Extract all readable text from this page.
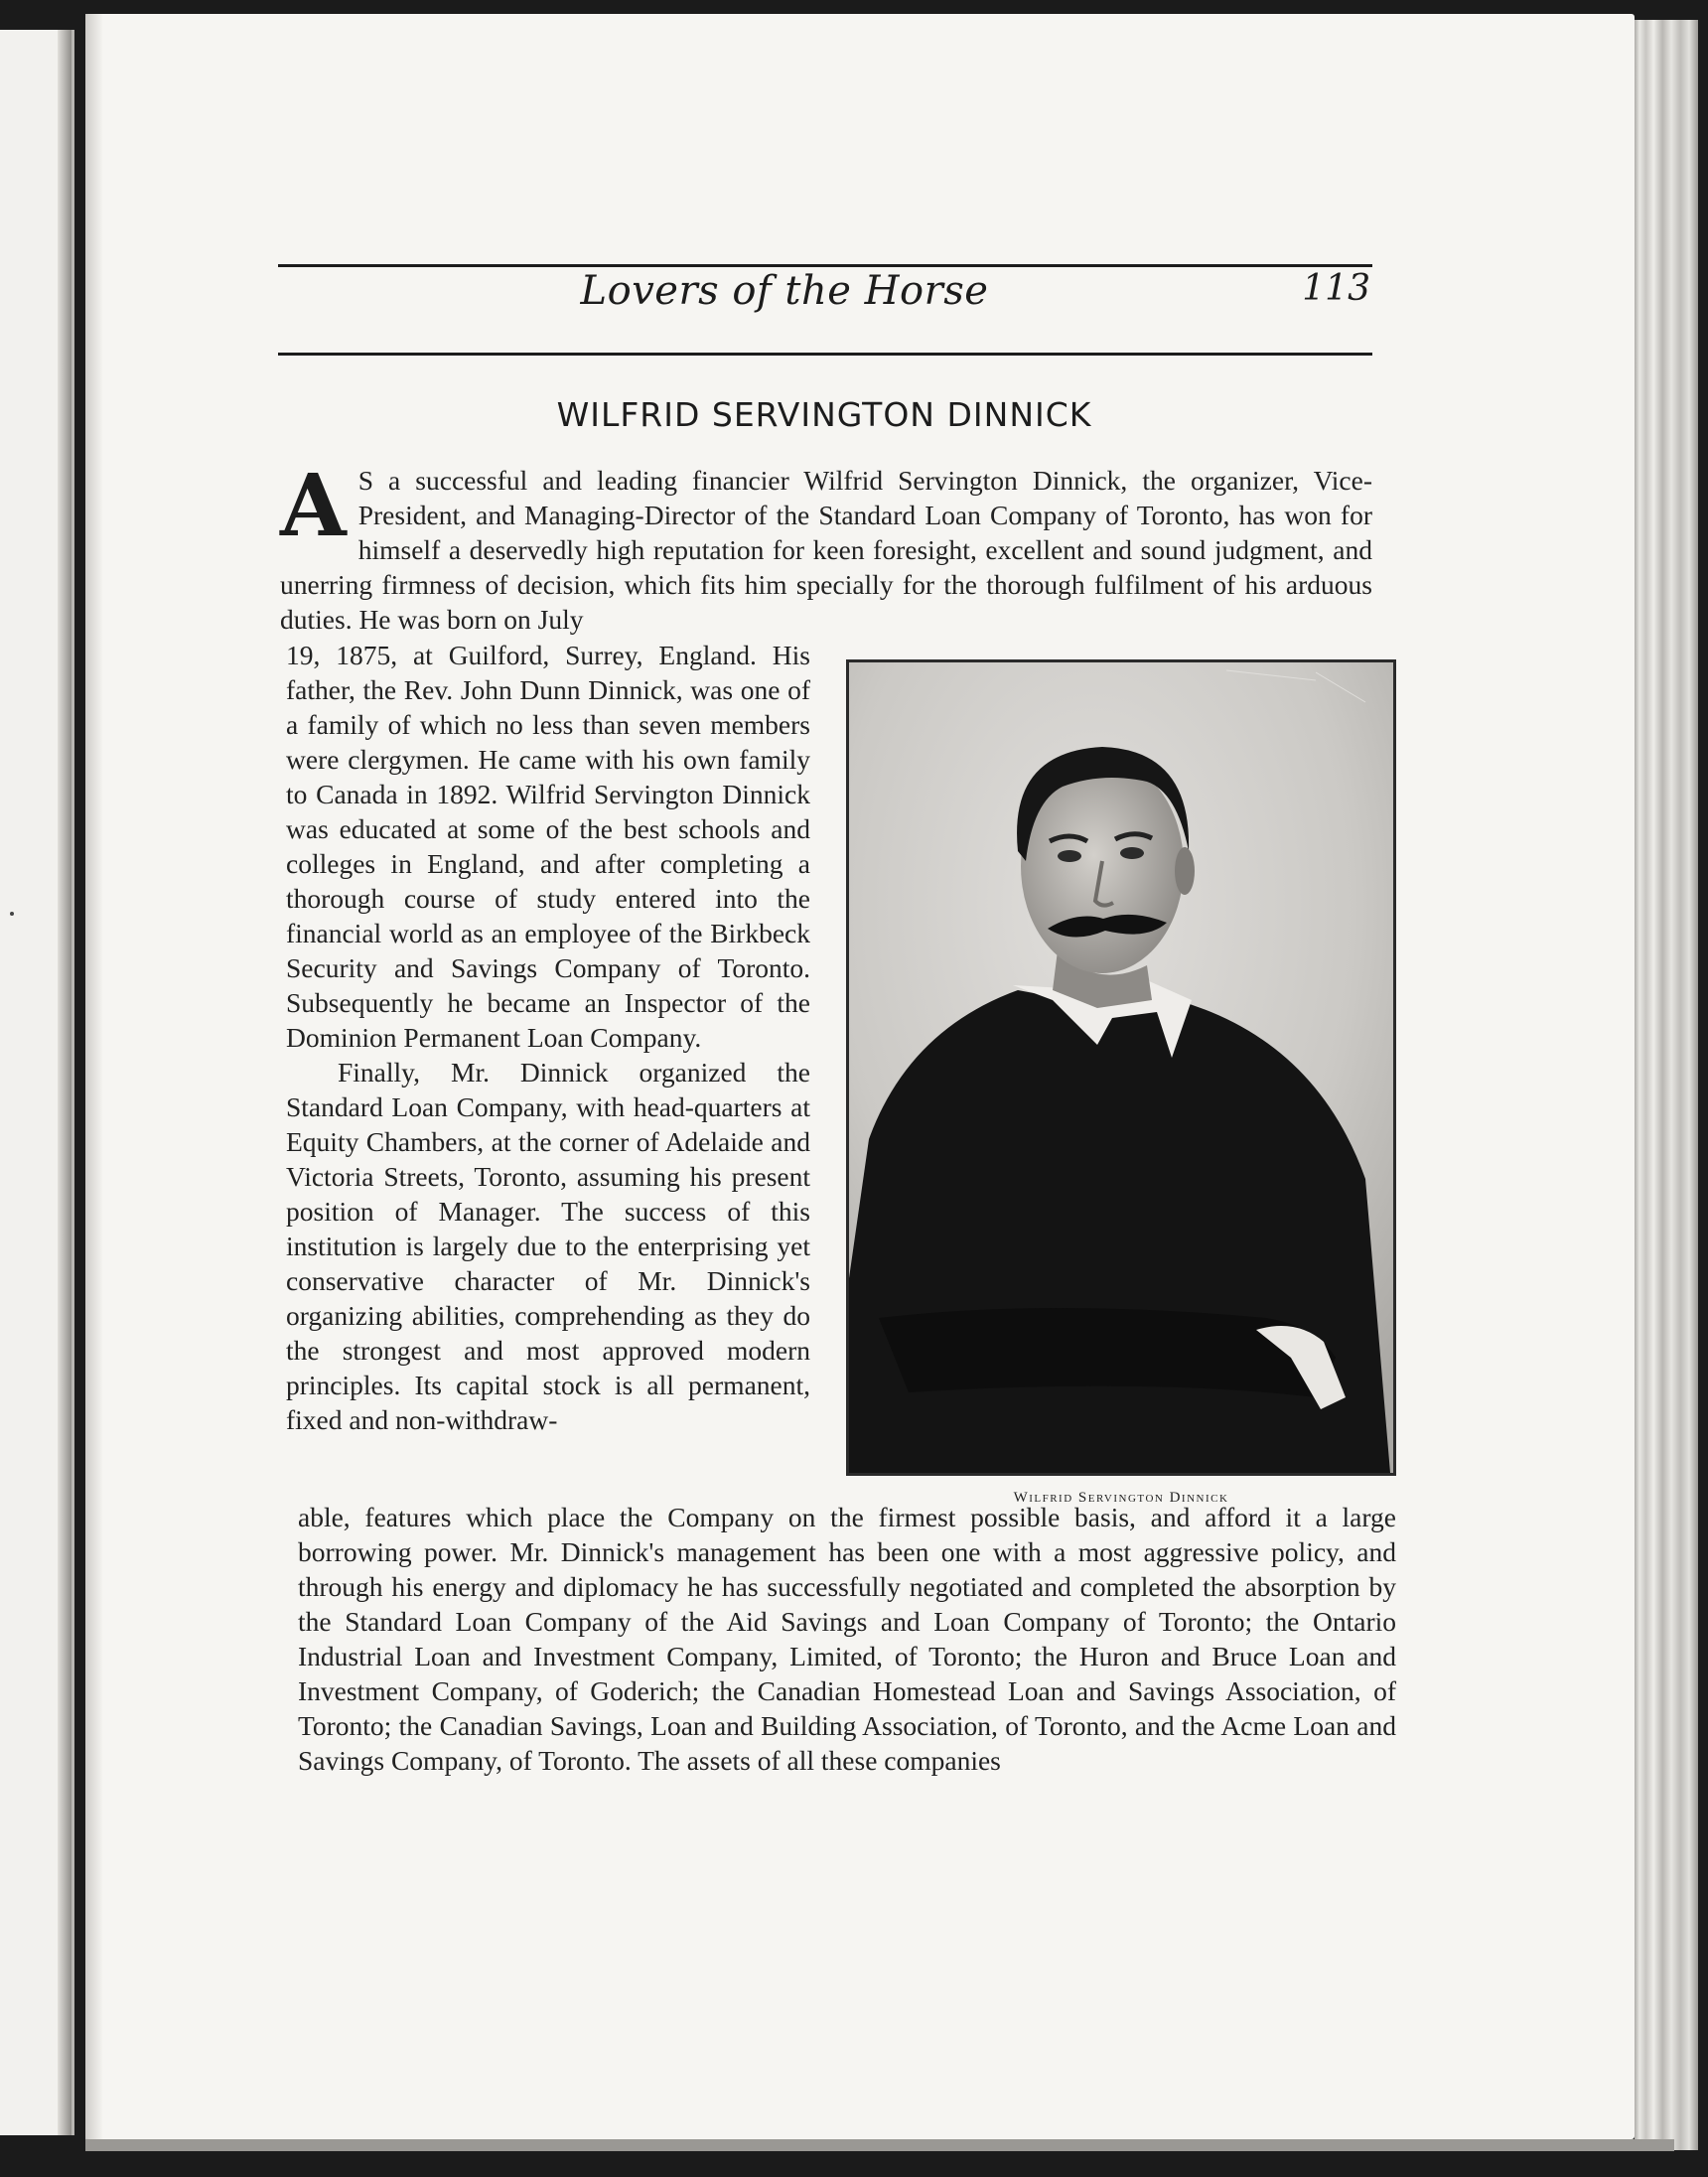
Lovers of the Horse	113
WILFRID SERVINGTON DINNICK
A S a successful and leading financier Wilfrid Servington Dinnick, the organizer, Vice-President, and Managing-Director of the Standard Loan Company of Toronto, has won for himself a deservedly high reputation for keen foresight, excellent and sound judgment, and unerring firmness of decision, which fits him specially for the thorough fulfilment of his arduous duties. He was born on July

19, 1875, at Guilford, Surrey, England. His father, the Rev. John Dunn Dinnick, was one of a family of which no less than seven members were clergymen. He came with his own family to Canada in 1892. Wilfrid Servington Dinnick was educated at some of the best schools and colleges in England, and after completing a thorough course of study entered into the financial world as an employee of the Birkbeck Security and Savings Company of Toronto. Subsequently he became an Inspector of the Dominion Permanent Loan Company.

Finally, Mr. Dinnick organized the Standard Loan Company, with head-quarters at Equity Chambers, at the corner of Adelaide and Victoria Streets, Toronto, assuming his present position of Manager. The success of this institution is largely due to the enterprising yet conservative character of Mr. Dinnick's organizing abilities, comprehending as they do the strongest and most approved modern principles. Its capital stock is all permanent, fixed and non-withdraw-

Wilfrid Servington Dinnick

able, features which place the Company on the firmest possible basis, and afford it a large borrowing power. Mr. Dinnick's management has been one with a most aggressive policy, and through his energy and diplomacy he has successfully negotiated and completed the absorption by the Standard Loan Company of the Aid Savings and Loan Company of Toronto; the Ontario Industrial Loan and Investment Company, Limited, of Toronto; the Huron and Bruce Loan and Investment Company, of Goderich; the Canadian Homestead Loan and Savings Association, of Toronto; the Canadian Savings, Loan and Building Association, of Toronto, and the Acme Loan and Savings Company, of Toronto. The assets of all these companies
